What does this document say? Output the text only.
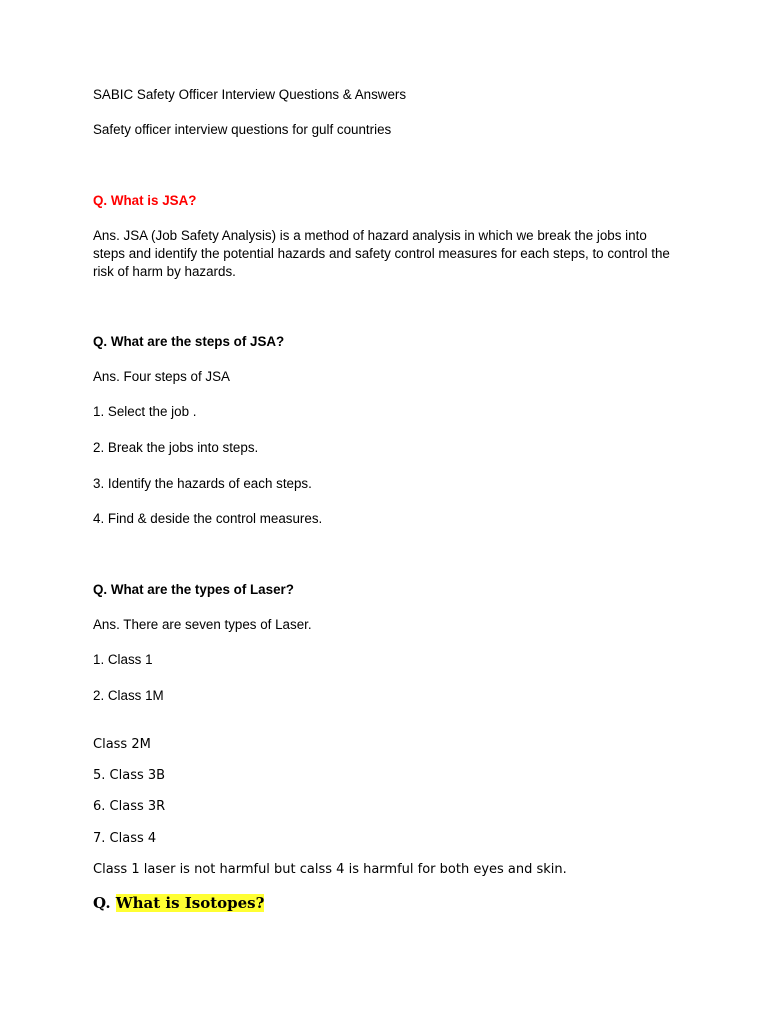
SABIC Safety Officer Interview Questions & Answers

Safety officer interview questions for gulf countries

Q. What is JSA?

Ans. JSA (Job Safety Analysis) is a method of hazard analysis in which we break the jobs into steps and identify the potential hazards and safety control measures for each steps, to control the risk of harm by hazards.

Q. What are the steps of JSA?

Ans. Four steps of JSA

1. Select the job .

2. Break the jobs into steps.

3. Identify the hazards of each steps.

4. Find & deside the control measures.

Q. What are the types of Laser?

Ans. There are seven types of Laser.

1. Class 1

2. Class 1M

Class 2M

5. Class 3B

6. Class 3R

7. Class 4

Class 1 laser is not harmful but calss 4 is harmful for both eyes and skin.

Q. What is Isotopes?
